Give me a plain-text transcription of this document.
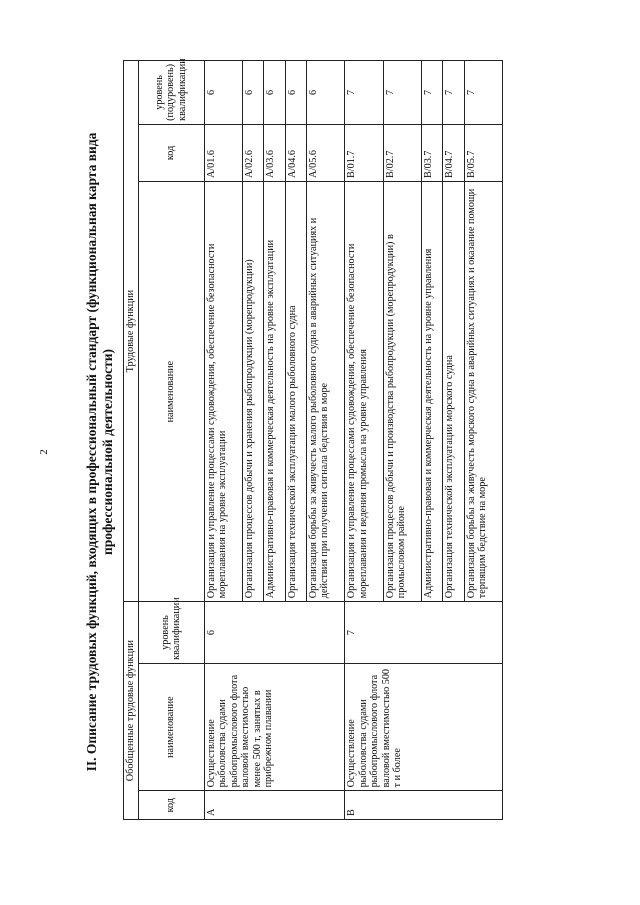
2	II. Описание трудовых функций, входящих в профессиональный стандарт (функциональная карта вида профессиональной деятельности)
Обобщенные трудовые функции			Трудовые функции		
код	наименование	уровень квалификации	наименование	код	уровень (подуровень) квалификации
A	Осуществление рыболовства судами рыбопромыслового флота валовой вместимостью менее 500 т, занятых в прибрежном плавании	6	Организация и управление процессами судовождения, обеспечение безопасности мореплавания на уровне эксплуатации	A/01.6	6
			Организация процессов добычи и хранения рыбопродукции (морепродукции)	A/02.6	6
			Административно-правовая и коммерческая деятельность на уровне эксплуатации	A/03.6	6
			Организация технической эксплуатации малого рыболовного судна	A/04.6	6
			Организация борьбы за живучесть малого рыболовного судна в аварийных ситуациях и действия при получении сигнала бедствия в море	A/05.6	6
B	Осуществление рыболовства судами рыбопромыслового флота валовой вместимостью 500 т и более	7	Организация и управление процессами судовождения, обеспечение безопасности мореплавания и ведения промысла на уровне управления	B/01.7	7
			Организация процессов добычи и производства рыбопродукции (морепродукции) в промысловом районе	B/02.7	7
			Административно-правовая и коммерческая деятельность на уровне управления	B/03.7	7
			Организация технической эксплуатации морского судна	B/04.7	7
			Организация борьбы за живучесть морского судна в аварийных ситуациях и оказание помощи терпящим бедствие на море	B/05.7	7
